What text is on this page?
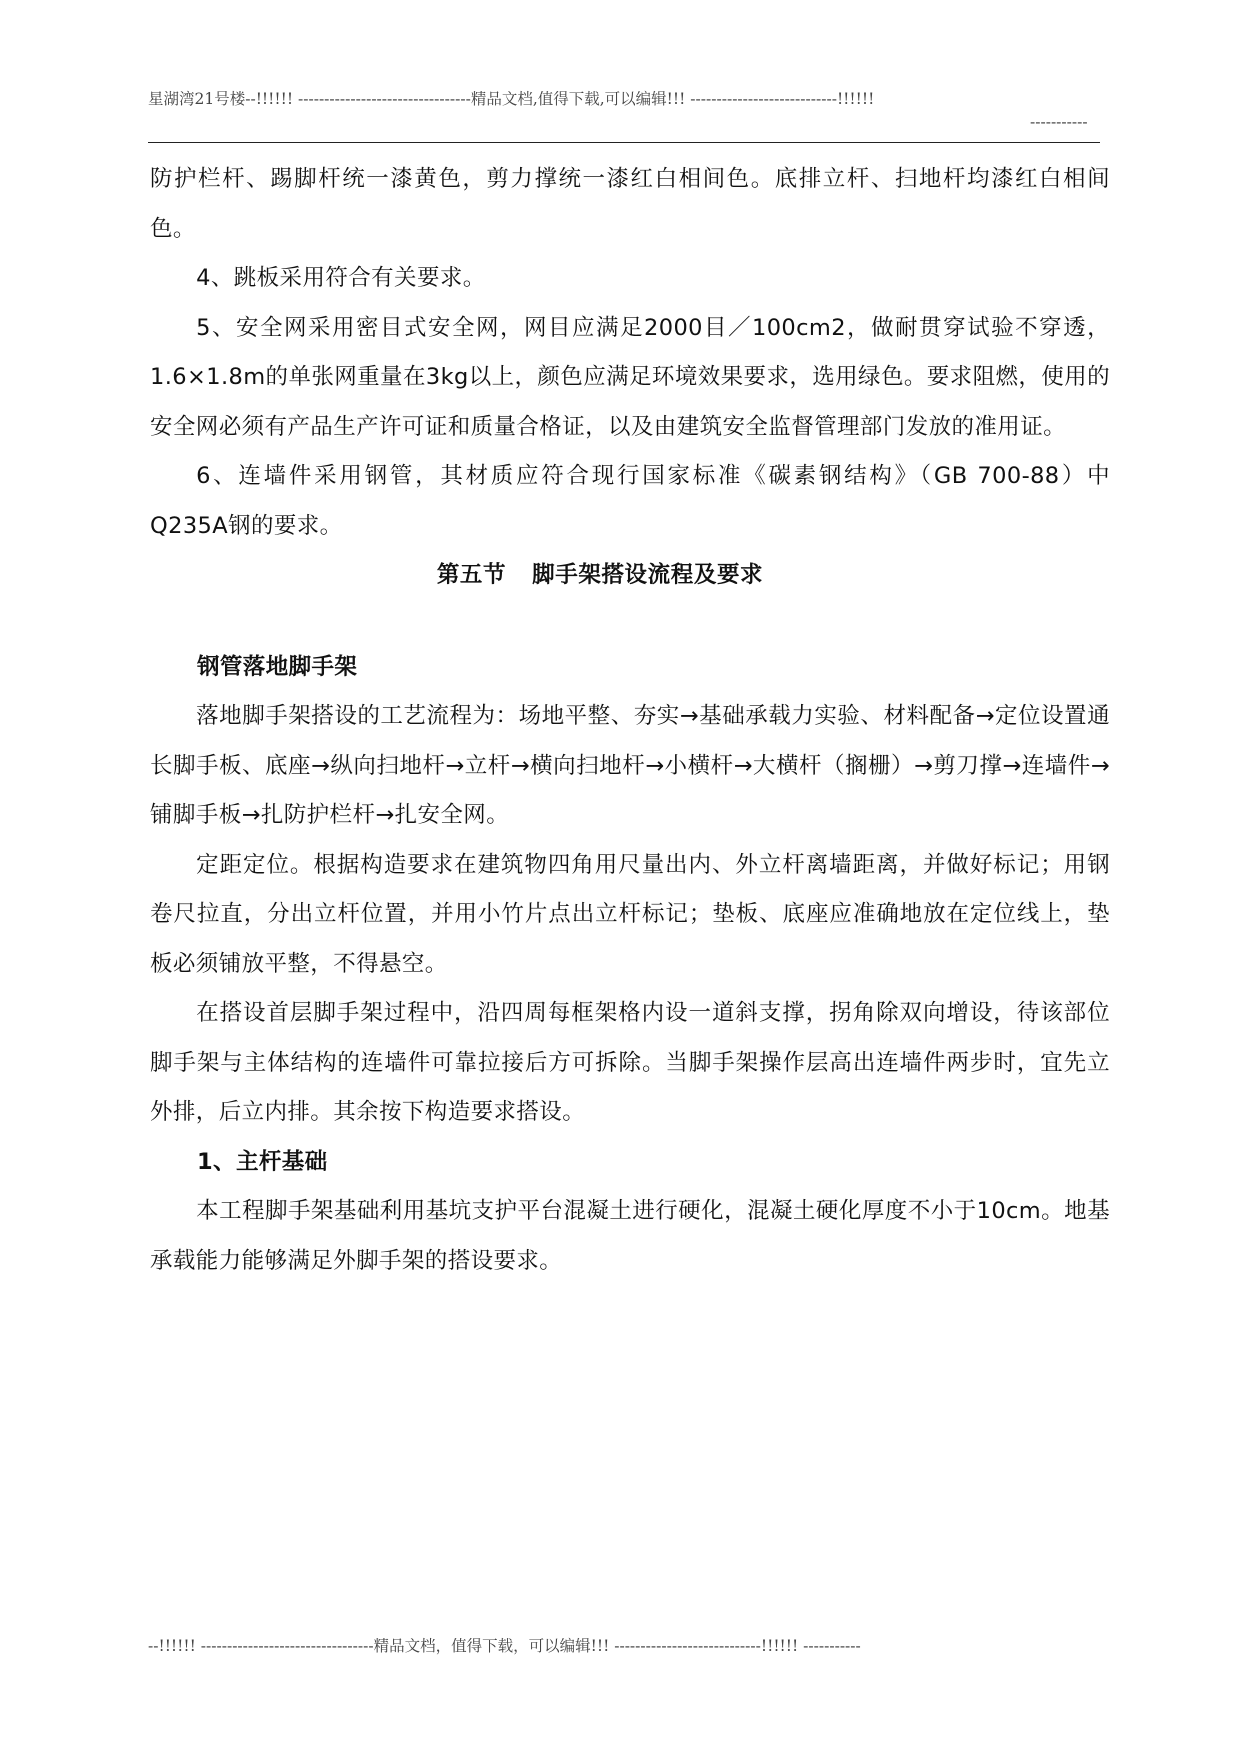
星湖湾21号楼--!!!!!! ---------------------------------精品文档,值得下载,可以编辑!!! ----------------------------!!!!!!
-----------

防护栏杆、踢脚杆统一漆黄色，剪力撑统一漆红白相间色。底排立杆、扫地杆均漆红白相间色。

4、跳板采用符合有关要求。

5、安全网采用密目式安全网，网目应满足2000目／100cm2，做耐贯穿试验不穿透，1.6×1.8m的单张网重量在3kg以上，颜色应满足环境效果要求，选用绿色。要求阻燃，使用的安全网必须有产品生产许可证和质量合格证，以及由建筑安全监督管理部门发放的准用证。

6、连墙件采用钢管，其材质应符合现行国家标准《碳素钢结构》（GB 700-88）中Q235A钢的要求。

第五节 脚手架搭设流程及要求

钢管落地脚手架

落地脚手架搭设的工艺流程为：场地平整、夯实→基础承载力实验、材料配备→定位设置通长脚手板、底座→纵向扫地杆→立杆→横向扫地杆→小横杆→大横杆（搁栅）→剪刀撑→连墙件→铺脚手板→扎防护栏杆→扎安全网。

定距定位。根据构造要求在建筑物四角用尺量出内、外立杆离墙距离，并做好标记；用钢卷尺拉直，分出立杆位置，并用小竹片点出立杆标记；垫板、底座应准确地放在定位线上，垫板必须铺放平整，不得悬空。

在搭设首层脚手架过程中，沿四周每框架格内设一道斜支撑，拐角除双向增设，待该部位脚手架与主体结构的连墙件可靠拉接后方可拆除。当脚手架操作层高出连墙件两步时，宜先立外排，后立内排。其余按下构造要求搭设。

1、主杆基础

本工程脚手架基础利用基坑支护平台混凝土进行硬化，混凝土硬化厚度不小于10cm。地基承载能力能够满足外脚手架的搭设要求。

--!!!!!! ---------------------------------精品文档，值得下载，可以编辑!!! ----------------------------!!!!!! -----------
